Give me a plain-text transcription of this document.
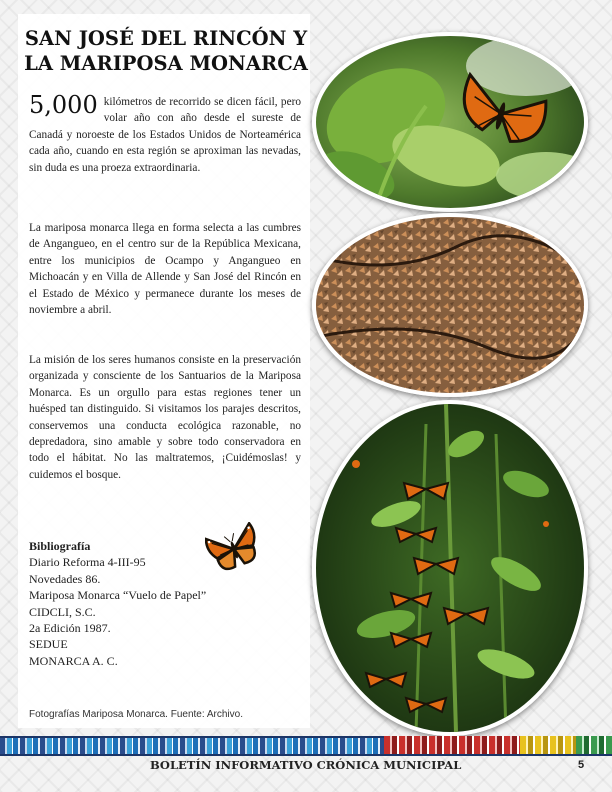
SAN JOSÉ DEL RINCÓN Y
LA MARIPOSA MONARCA

5,000 kilómetros de recorrido se dicen fácil, pero volar año con año desde el sureste de Canadá y noroeste de los Estados Unidos de Norteamérica cada año, cuando en esta región se aproximan las nevadas, sin duda es una proeza extraordinaria.

La mariposa monarca llega en forma selecta a las cumbres de Angangueo, en el centro sur de la República Mexicana, entre los municipios de Ocampo y Angangueo en Michoacán y en Villa de Allende y San José del Rincón en el Estado de México y permanece durante los meses de noviembre a abril.

La misión de los seres humanos consiste en la preservación organizada y consciente de los Santuarios de la Mariposa Monarca. Es un orgullo para estas regiones tener un huésped tan distinguido. Si visitamos los parajes descritos, conservemos una conducta ecológica razonable, no depredadora, sino amable y sobre todo conservadora en todo el hábitat. No las maltratemos, ¡Cuidémoslas! y cuidemos el bosque.

Bibliografía
Diario Reforma 4-III-95
Novedades 86.
Mariposa Monarca “Vuelo de Papel”
CIDCLI, S.C.
2a Edición 1987.
SEDUE
MONARCA A. C.
Fotografías Mariposa Monarca. Fuente: Archivo.
BOLETÍN INFORMATIVO CRÓNICA MUNICIPAL	5
